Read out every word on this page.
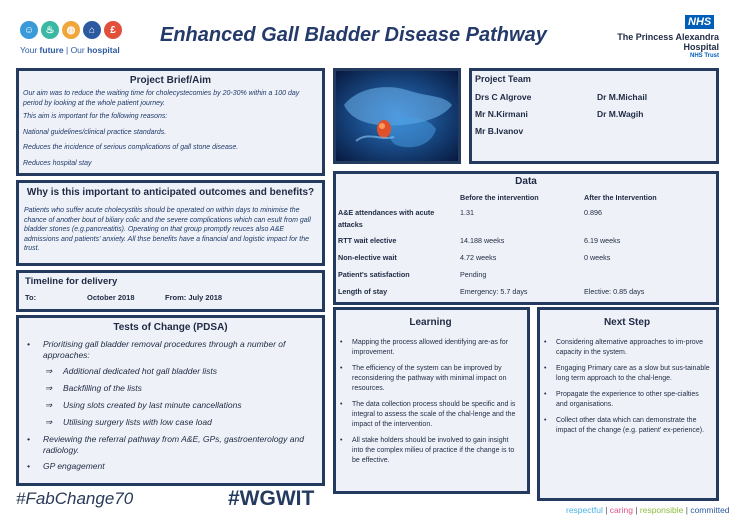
☺	♨	◍	⌂	£
Your future | Our hospital
Enhanced Gall Bladder Disease Pathway
NHS
The Princess Alexandra
Hospital
NHS Trust
Project Brief/Aim

Our aim was to reduce the waiting time for cholecystecomies by 20-30% within a 100 day period by looking at the whole patient journey.

This aim is important for the following reasons:

National guidelines/clinical practice standards.

Reduces the incidence of serious complications of gall stone disease.

Reduces hospital stay

Why is this important to anticipated outcomes and benefits?
Patients who suffer acute cholecystitis should be operated on within days to minimise the chance of another bout of biliary colic and the severe complications which can esult from gall bladder stones (e.g.pancreatitis). Operating on that group promptly reuces also A&E admissions and patients' anxiety. All thse benefits have a financial and logistic impact for the trust.
Timeline for delivery
To:	October 2018	From: July 2018
Tests of Change (PDSA)
•	Prioritising gall bladder removal procedures through a number of approaches:
⇒	Additional dedicated hot gall bladder lists
⇒	Backfilling of the lists
⇒	Using slots created by last minute cancellations
⇒	Utilising surgery lists with low case load
•	Reviewing the referral pathway from A&E, GPs, gastroenterology and radiology.
•	GP engagement
Project Team
Drs C Algrove	Dr M.Michail
Mr N.Kirmani	Dr M.Wagih
Mr B.Ivanov
Data
	Before the intervention	After the Intervention
A&E attendances with acute attacks	1.31	0.896
RTT wait elective	14.188 weeks	6.19 weeks
Non-elective wait	4.72 weeks	0 weeks
Patient's satisfaction	Pending	
Length of stay	Emergency: 5.7 days	Elective: 0.85 days
Learning
•	Mapping the process allowed identifying are-as for improvement.
•	The efficiency of the system can be improved by reconsidering the pathway with minimal impact on resources.
•	The data collection process should be specific and is integral to assess the scale of the chal-lenge and the impact of the intervention.
•	All stake holders should be involved to gain insight into the complex milieu of practice if the change is to be effective.
Next Step
•	Considering alternative approaches to im-prove capacity in the system.
•	Engaging Primary care as a slow but sus-tainable long term approach to the chal-lenge.
•	Propagate the experience to other spe-cialties and organisations.
•	Collect other data which can demonstrate the impact of the change (e.g. patient' ex-perience).
#FabChange70	#WGWIT	respectful | caring | responsible | committed
